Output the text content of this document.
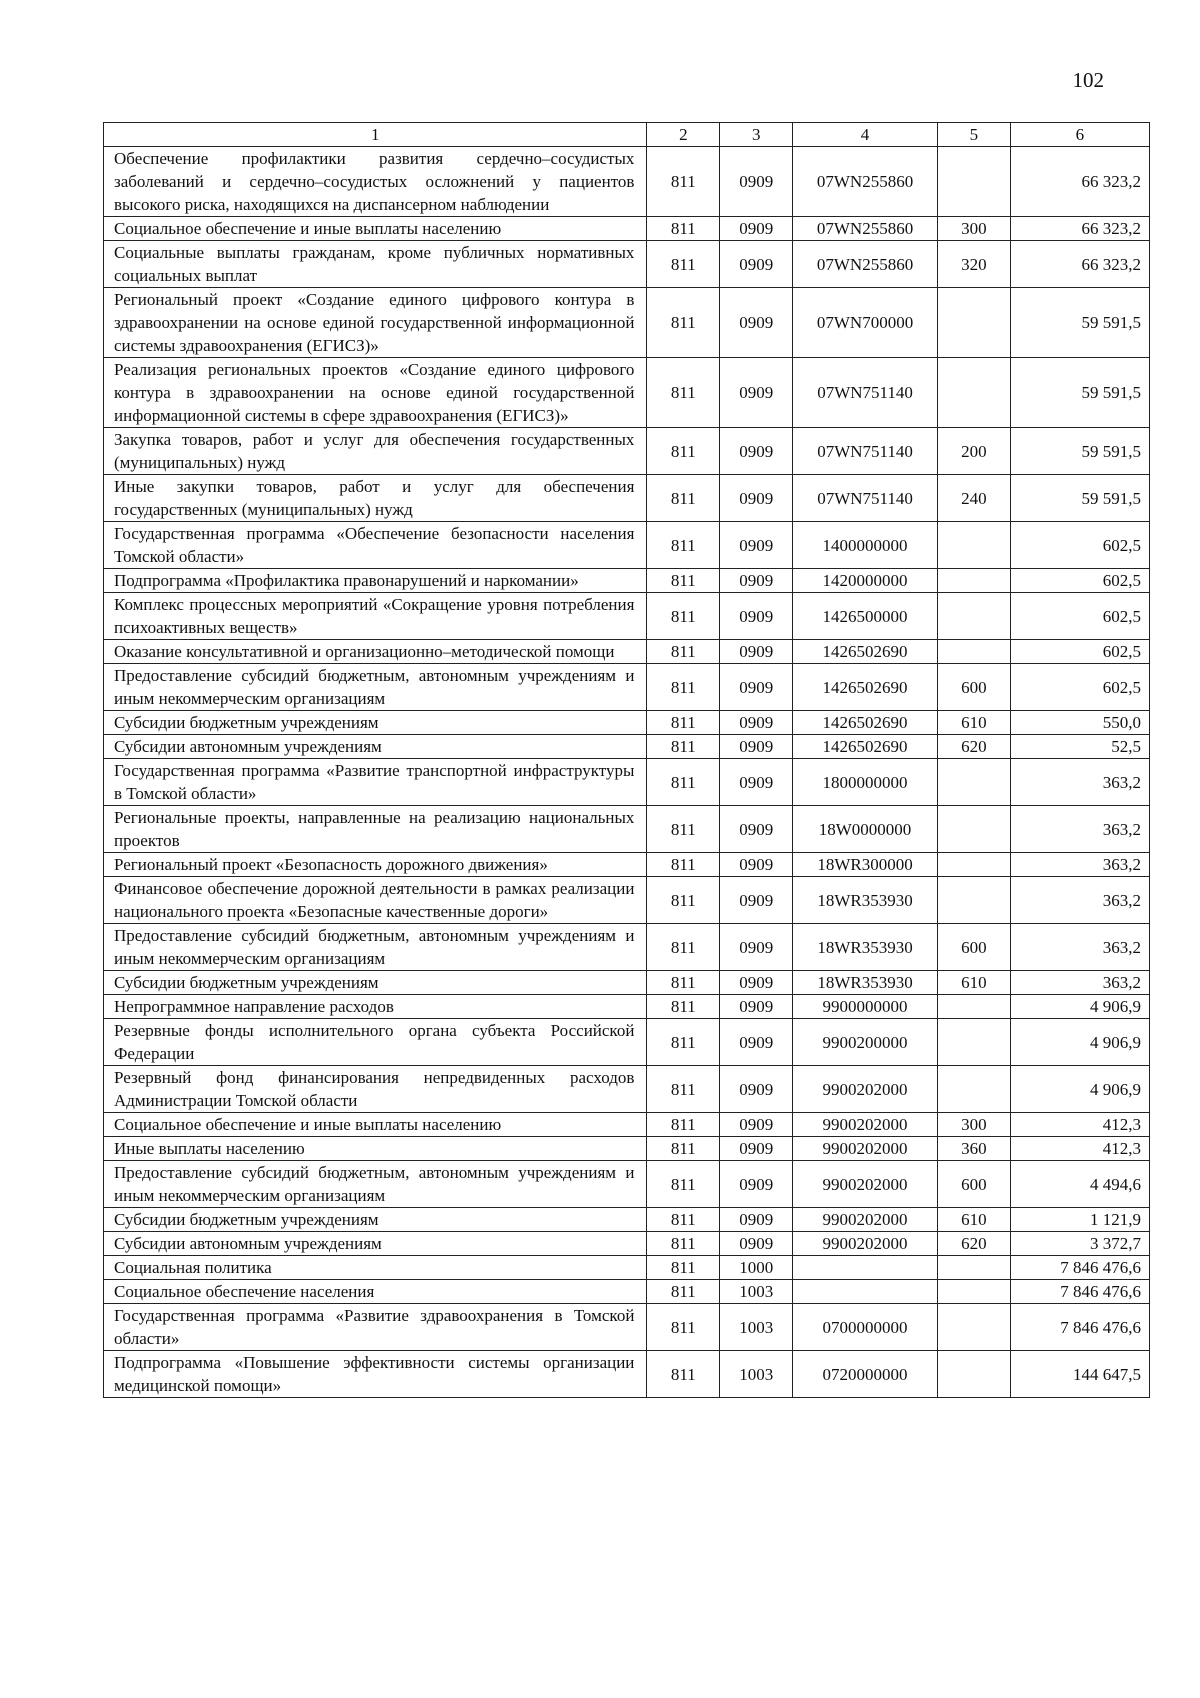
102
1	2	3	4	5	6
Обеспечение профилактики развития сердечно–сосудистых заболеваний и сердечно–сосудистых осложнений у пациентов высокого риска, находящихся на диспансерном наблюдении	811	0909	07WN255860		66 323,2
Социальное обеспечение и иные выплаты населению	811	0909	07WN255860	300	66 323,2
Социальные выплаты гражданам, кроме публичных нормативных социальных выплат	811	0909	07WN255860	320	66 323,2
Региональный проект «Создание единого цифрового контура в здравоохранении на основе единой государственной информационной системы здравоохранения (ЕГИСЗ)»	811	0909	07WN700000		59 591,5
Реализация региональных проектов «Создание единого цифрового контура в здравоохранении на основе единой государственной информационной системы в сфере здравоохранения (ЕГИСЗ)»	811	0909	07WN751140		59 591,5
Закупка товаров, работ и услуг для обеспечения государственных (муниципальных) нужд	811	0909	07WN751140	200	59 591,5
Иные закупки товаров, работ и услуг для обеспечения государственных (муниципальных) нужд	811	0909	07WN751140	240	59 591,5
Государственная программа «Обеспечение безопасности населения Томской области»	811	0909	1400000000		602,5
Подпрограмма «Профилактика правонарушений и наркомании»	811	0909	1420000000		602,5
Комплекс процессных мероприятий «Сокращение уровня потребления психоактивных веществ»	811	0909	1426500000		602,5
Оказание консультативной и организационно–методической помощи	811	0909	1426502690		602,5
Предоставление субсидий бюджетным, автономным учреждениям и иным некоммерческим организациям	811	0909	1426502690	600	602,5
Субсидии бюджетным учреждениям	811	0909	1426502690	610	550,0
Субсидии автономным учреждениям	811	0909	1426502690	620	52,5
Государственная программа «Развитие транспортной инфраструктуры в Томской области»	811	0909	1800000000		363,2
Региональные проекты, направленные на реализацию национальных проектов	811	0909	18W0000000		363,2
Региональный проект «Безопасность дорожного движения»	811	0909	18WR300000		363,2
Финансовое обеспечение дорожной деятельности в рамках реализации национального проекта «Безопасные качественные дороги»	811	0909	18WR353930		363,2
Предоставление субсидий бюджетным, автономным учреждениям и иным некоммерческим организациям	811	0909	18WR353930	600	363,2
Субсидии бюджетным учреждениям	811	0909	18WR353930	610	363,2
Непрограммное направление расходов	811	0909	9900000000		4 906,9
Резервные фонды исполнительного органа субъекта Российской Федерации	811	0909	9900200000		4 906,9
Резервный фонд финансирования непредвиденных расходов Администрации Томской области	811	0909	9900202000		4 906,9
Социальное обеспечение и иные выплаты населению	811	0909	9900202000	300	412,3
Иные выплаты населению	811	0909	9900202000	360	412,3
Предоставление субсидий бюджетным, автономным учреждениям и иным некоммерческим организациям	811	0909	9900202000	600	4 494,6
Субсидии бюджетным учреждениям	811	0909	9900202000	610	1 121,9
Субсидии автономным учреждениям	811	0909	9900202000	620	3 372,7
Социальная политика	811	1000			7 846 476,6
Социальное обеспечение населения	811	1003			7 846 476,6
Государственная программа «Развитие здравоохранения в Томской области»	811	1003	0700000000		7 846 476,6
Подпрограмма «Повышение эффективности системы организации медицинской помощи»	811	1003	0720000000		144 647,5
